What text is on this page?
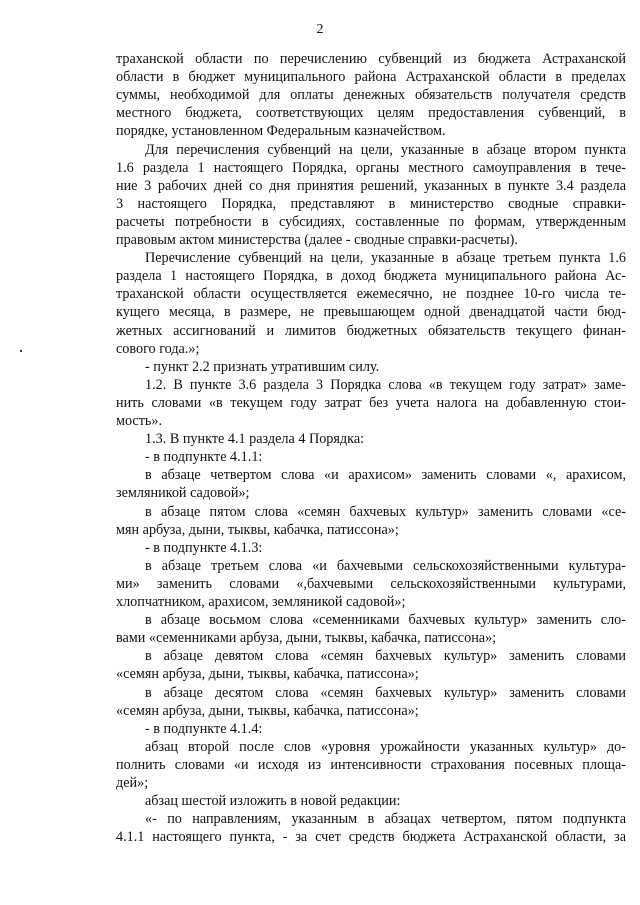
2
траханской области по перечислению субвенций из бюджета Астраханской
области в бюджет муниципального района Астраханской области в пределах
суммы, необходимой для оплаты денежных обязательств получателя средств
местного бюджета, соответствующих целям предоставления субвенций, в
порядке, установленном Федеральным казначейством.
Для перечисления субвенций на цели, указанные в абзаце втором пункта
1.6 раздела 1 настоящего Порядка, органы местного самоуправления в тече-
ние 3 рабочих дней со дня принятия решений, указанных в пункте 3.4 раздела
3 настоящего Порядка, представляют в министерство сводные справки-
расчеты потребности в субсидиях, составленные по формам, утвержденным
правовым актом министерства (далее - сводные справки-расчеты).
Перечисление субвенций на цели, указанные в абзаце третьем пункта 1.6
раздела 1 настоящего Порядка, в доход бюджета муниципального района Ас-
траханской области осуществляется ежемесячно, не позднее 10-го числа те-
кущего месяца, в размере, не превышающем одной двенадцатой части бюд-
жетных ассигнований и лимитов бюджетных обязательств текущего финан-
сового года.»;
- пункт 2.2 признать утратившим силу.
1.2. В пункте 3.6 раздела 3 Порядка слова «в текущем году затрат» заме-
нить словами «в текущем году затрат без учета налога на добавленную стои-
мость».
1.3. В пункте 4.1 раздела 4 Порядка:
- в подпункте 4.1.1:
в абзаце четвертом слова «и арахисом» заменить словами «, арахисом,
земляникой садовой»;
в абзаце пятом слова «семян бахчевых культур» заменить словами «се-
мян арбуза, дыни, тыквы, кабачка, патиссона»;
- в подпункте 4.1.3:
в абзаце третьем слова «и бахчевыми сельскохозяйственными культура-
ми» заменить словами «,бахчевыми сельскохозяйственными культурами,
хлопчатником, арахисом, земляникой садовой»;
в абзаце восьмом слова «семенниками бахчевых культур» заменить сло-
вами «семенниками арбуза, дыни, тыквы, кабачка, патиссона»;
в абзаце девятом слова «семян бахчевых культур» заменить словами
«семян арбуза, дыни, тыквы, кабачка, патиссона»;
в абзаце десятом слова «семян бахчевых культур» заменить словами
«семян арбуза, дыни, тыквы, кабачка, патиссона»;
- в подпункте 4.1.4:
абзац второй после слов «уровня урожайности указанных культур» до-
полнить словами «и исходя из интенсивности страхования посевных площа-
дей»;
абзац шестой изложить в новой редакции:
«- по направлениям, указанным в абзацах четвертом, пятом подпункта
4.1.1 настоящего пункта, - за счет средств бюджета Астраханской области, за
